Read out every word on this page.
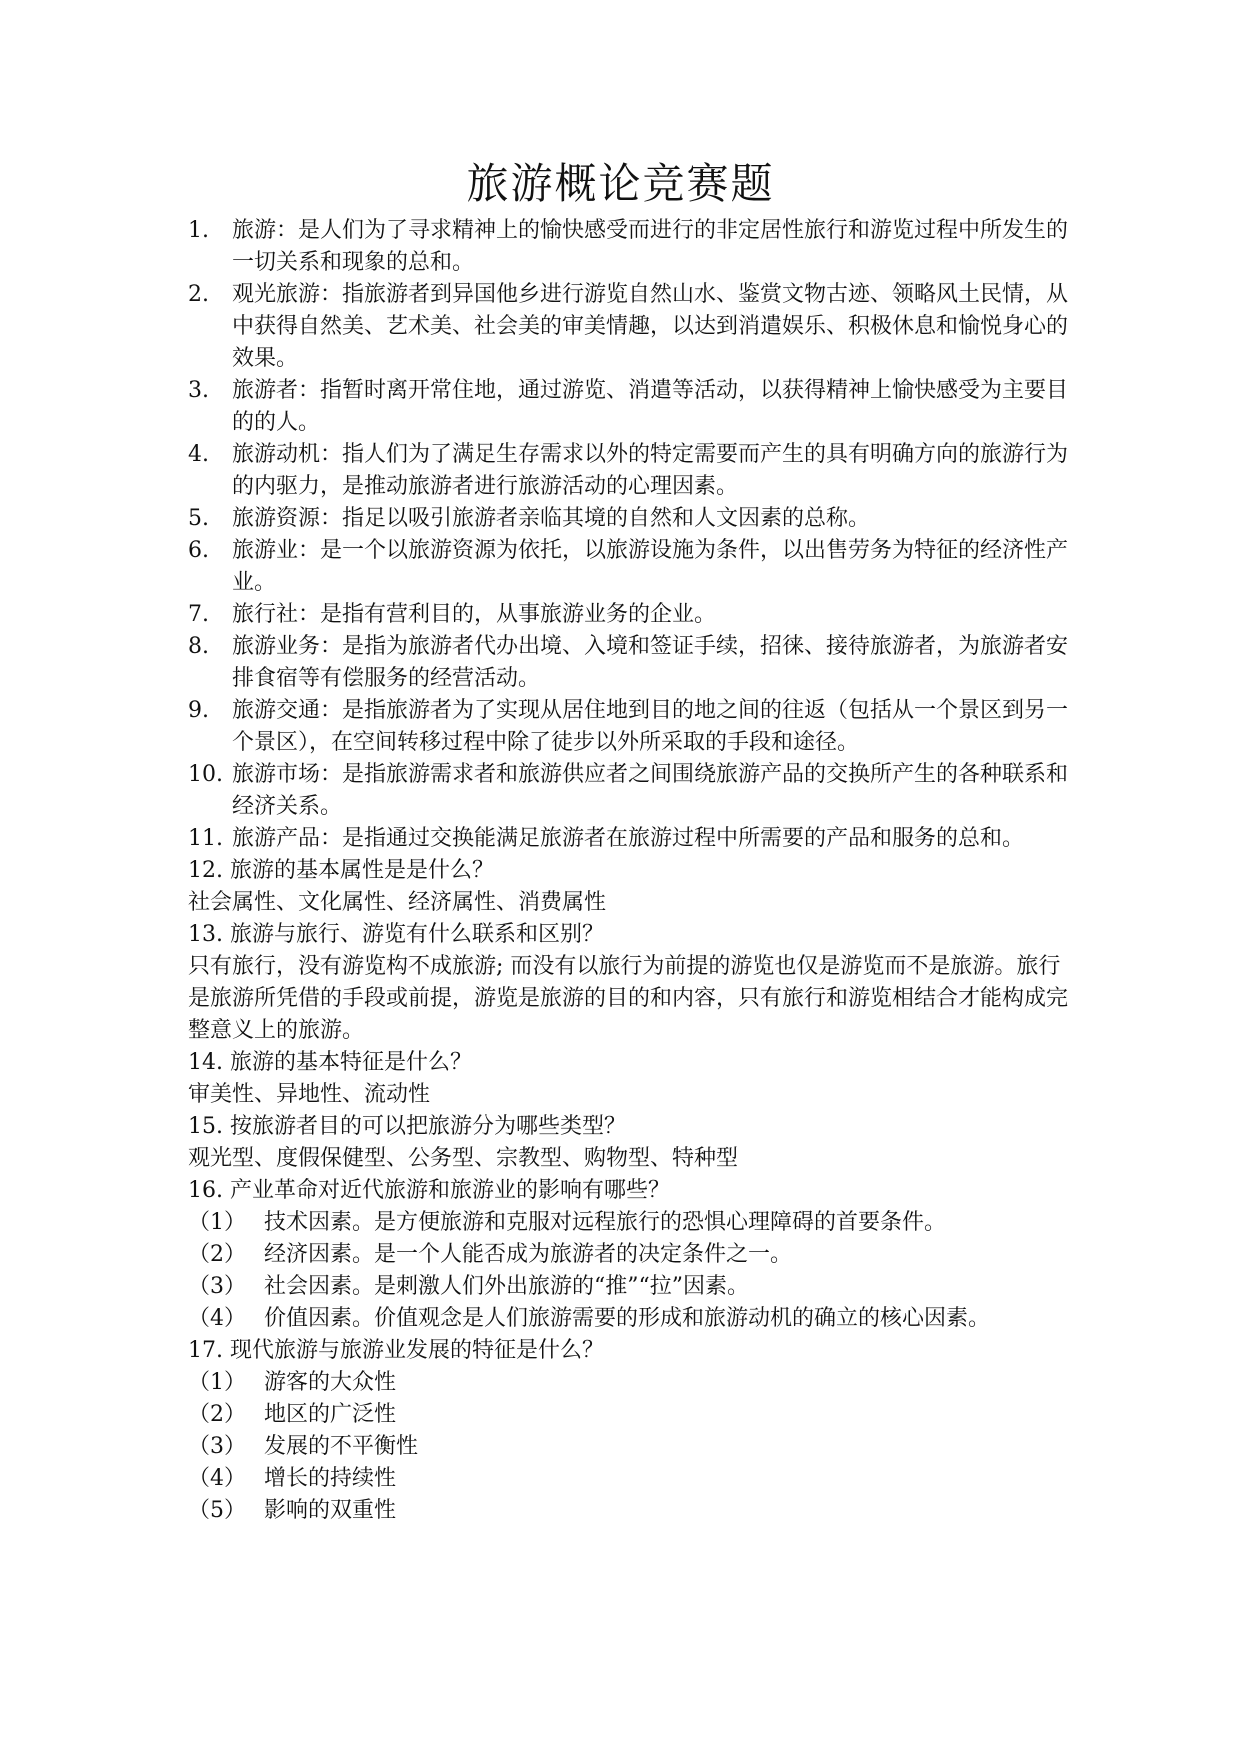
旅游概论竞赛题
1.	旅游：是人们为了寻求精神上的愉快感受而进行的非定居性旅行和游览过程中所发生的一切关系和现象的总和。
2.	观光旅游：指旅游者到异国他乡进行游览自然山水、鉴赏文物古迹、领略风土民情，从中获得自然美、艺术美、社会美的审美情趣，以达到消遣娱乐、积极休息和愉悦身心的效果。
3.	旅游者：指暂时离开常住地，通过游览、消遣等活动，以获得精神上愉快感受为主要目的的人。
4.	旅游动机：指人们为了满足生存需求以外的特定需要而产生的具有明确方向的旅游行为的内驱力，是推动旅游者进行旅游活动的心理因素。
5.	旅游资源：指足以吸引旅游者亲临其境的自然和人文因素的总称。
6.	旅游业：是一个以旅游资源为依托，以旅游设施为条件，以出售劳务为特征的经济性产业。
7.	旅行社：是指有营利目的，从事旅游业务的企业。
8.	旅游业务：是指为旅游者代办出境、入境和签证手续，招徕、接待旅游者，为旅游者安排食宿等有偿服务的经营活动。
9.	旅游交通：是指旅游者为了实现从居住地到目的地之间的往返（包括从一个景区到另一个景区），在空间转移过程中除了徒步以外所采取的手段和途径。
10. 旅游市场：是指旅游需求者和旅游供应者之间围绕旅游产品的交换所产生的各种联系和经济关系。
11. 旅游产品：是指通过交换能满足旅游者在旅游过程中所需要的产品和服务的总和。
12. 旅游的基本属性是是什么？
社会属性、文化属性、经济属性、消费属性
13. 旅游与旅行、游览有什么联系和区别？
只有旅行，没有游览构不成旅游; 而没有以旅行为前提的游览也仅是游览而不是旅游。旅行是旅游所凭借的手段或前提，游览是旅游的目的和内容，只有旅行和游览相结合才能构成完整意义上的旅游。
14. 旅游的基本特征是什么？
审美性、异地性、流动性
15. 按旅游者目的可以把旅游分为哪些类型？
观光型、度假保健型、公务型、宗教型、购物型、特种型
16. 产业革命对近代旅游和旅游业的影响有哪些？
（1） 技术因素。是方便旅游和克服对远程旅行的恐惧心理障碍的首要条件。
（2） 经济因素。是一个人能否成为旅游者的决定条件之一。
（3） 社会因素。是刺激人们外出旅游的“推”“拉”因素。
（4） 价值因素。价值观念是人们旅游需要的形成和旅游动机的确立的核心因素。
17. 现代旅游与旅游业发展的特征是什么？
（1） 游客的大众性
（2） 地区的广泛性
（3） 发展的不平衡性
（4） 增长的持续性
（5） 影响的双重性
